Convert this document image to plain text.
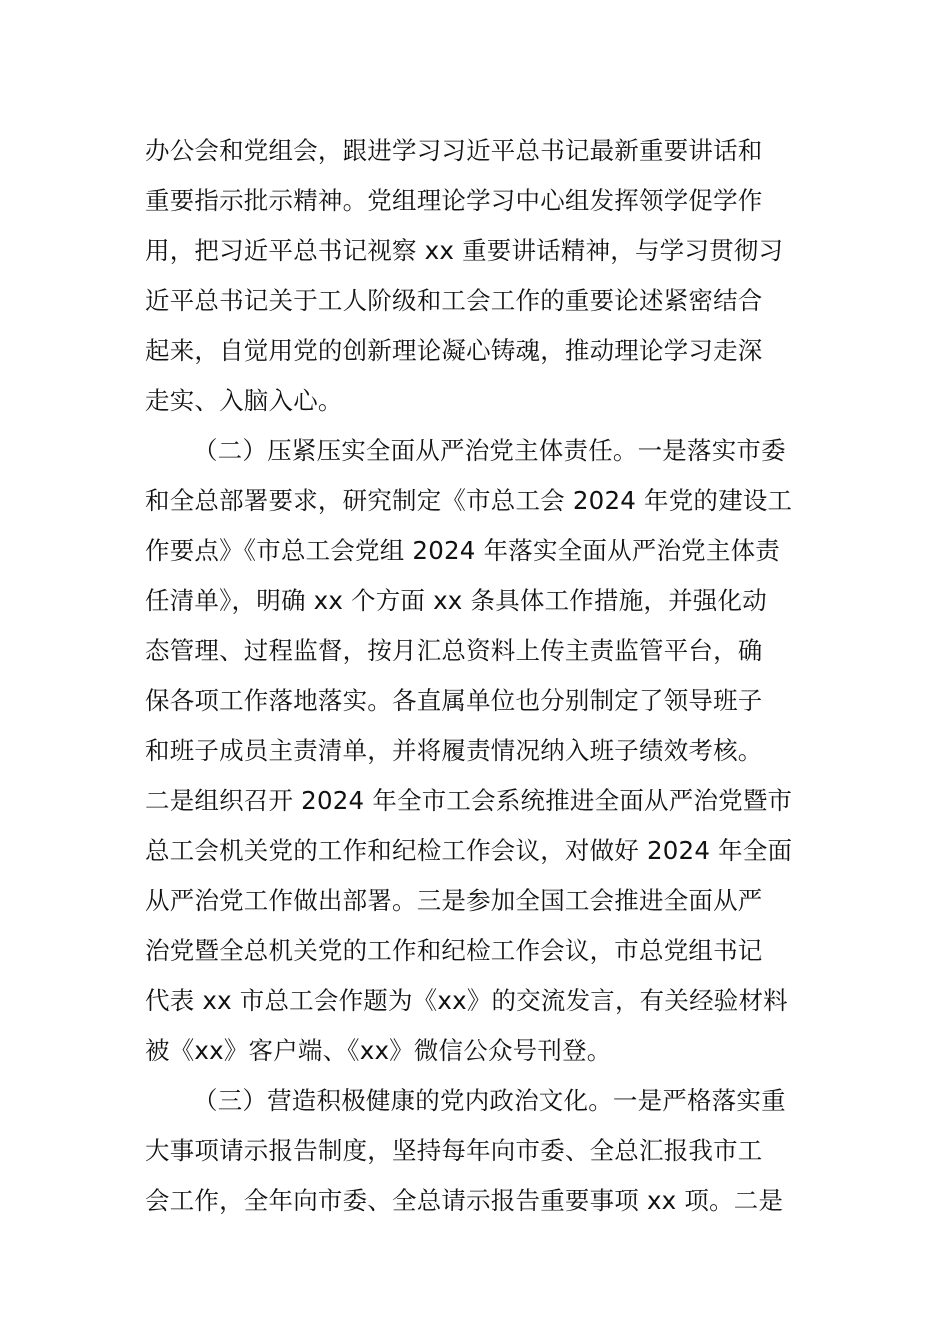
办公会和党组会，跟进学习习近平总书记最新重要讲话和
重要指示批示精神。党组理论学习中心组发挥领学促学作
用，把习近平总书记视察 xx 重要讲话精神，与学习贯彻习
近平总书记关于工人阶级和工会工作的重要论述紧密结合
起来，自觉用党的创新理论凝心铸魂，推动理论学习走深
走实、入脑入心。
（二）压紧压实全面从严治党主体责任。一是落实市委
和全总部署要求，研究制定《市总工会 2024 年党的建设工
作要点》《市总工会党组 2024 年落实全面从严治党主体责
任清单》，明确 xx 个方面 xx 条具体工作措施，并强化动
态管理、过程监督，按月汇总资料上传主责监管平台，确
保各项工作落地落实。各直属单位也分别制定了领导班子
和班子成员主责清单，并将履责情况纳入班子绩效考核。
二是组织召开 2024 年全市工会系统推进全面从严治党暨市
总工会机关党的工作和纪检工作会议，对做好 2024 年全面
从严治党工作做出部署。三是参加全国工会推进全面从严
治党暨全总机关党的工作和纪检工作会议，市总党组书记
代表 xx 市总工会作题为《xx》的交流发言，有关经验材料
被《xx》客户端、《xx》微信公众号刊登。
（三）营造积极健康的党内政治文化。一是严格落实重
大事项请示报告制度，坚持每年向市委、全总汇报我市工
会工作，全年向市委、全总请示报告重要事项 xx 项。二是
